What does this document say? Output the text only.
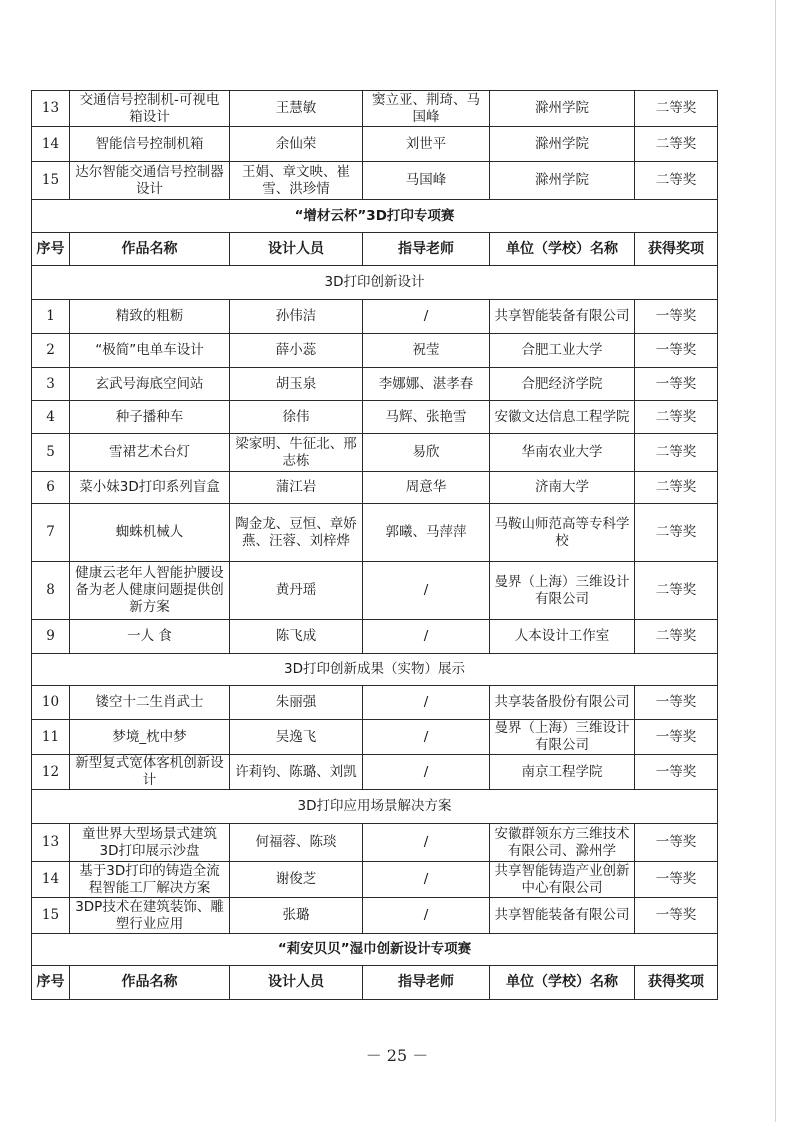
13	交通信号控制机-可视电箱设计	王慧敏	窦立亚、荆琦、马国峰	滁州学院	二等奖
14	智能信号控制机箱	余仙荣	刘世平	滁州学院	二等奖
15	达尔智能交通信号控制器设计	王娟、章文映、崔雪、洪珍情	马国峰	滁州学院	二等奖
“增材云杯”3D打印专项赛					
序号	作品名称	设计人员	指导老师	单位（学校）名称	获得奖项
3D打印创新设计					
1	精致的粗粝	孙伟洁	/	共享智能装备有限公司	一等奖
2	“极简”电单车设计	薛小蕊	祝莹	合肥工业大学	一等奖
3	玄武号海底空间站	胡玉泉	李娜娜、湛孝春	合肥经济学院	一等奖
4	种子播种车	徐伟	马辉、张艳雪	安徽文达信息工程学院	二等奖
5	雪裙艺术台灯	梁家明、牛征北、邢志栋	易欣	华南农业大学	二等奖
6	菜小妹3D打印系列盲盒	蒲江岩	周意华	济南大学	二等奖
7	蜘蛛机械人	陶金龙、豆恒、章娇燕、汪蓉、刘梓烨	郭曦、马萍萍	马鞍山师范高等专科学校	二等奖
8	健康云老年人智能护腰设备为老人健康问题提供创新方案	黄丹瑶	/	曼界（上海）三维设计有限公司	二等奖
9	一人 食	陈飞成	/	人本设计工作室	二等奖
3D打印创新成果（实物）展示					
10	镂空十二生肖武士	朱丽强	/	共享装备股份有限公司	一等奖
11	梦境_枕中梦	吴逸飞	/	曼界（上海）三维设计有限公司	一等奖
12	新型复式宽体客机创新设计	许莉钧、陈璐、刘凯	/	南京工程学院	一等奖
3D打印应用场景解决方案					
13	童世界大型场景式建筑3D打印展示沙盘	何福蓉、陈琰	/	安徽群领东方三维技术有限公司、滁州学	一等奖
14	基于3D打印的铸造全流程智能工厂解决方案	谢俊芝	/	共享智能铸造产业创新中心有限公司	一等奖
15	3DP技术在建筑装饰、雕塑行业应用	张璐	/	共享智能装备有限公司	一等奖
“莉安贝贝”湿巾创新设计专项赛					
序号	作品名称	设计人员	指导老师	单位（学校）名称	获得奖项
－ 25 －
